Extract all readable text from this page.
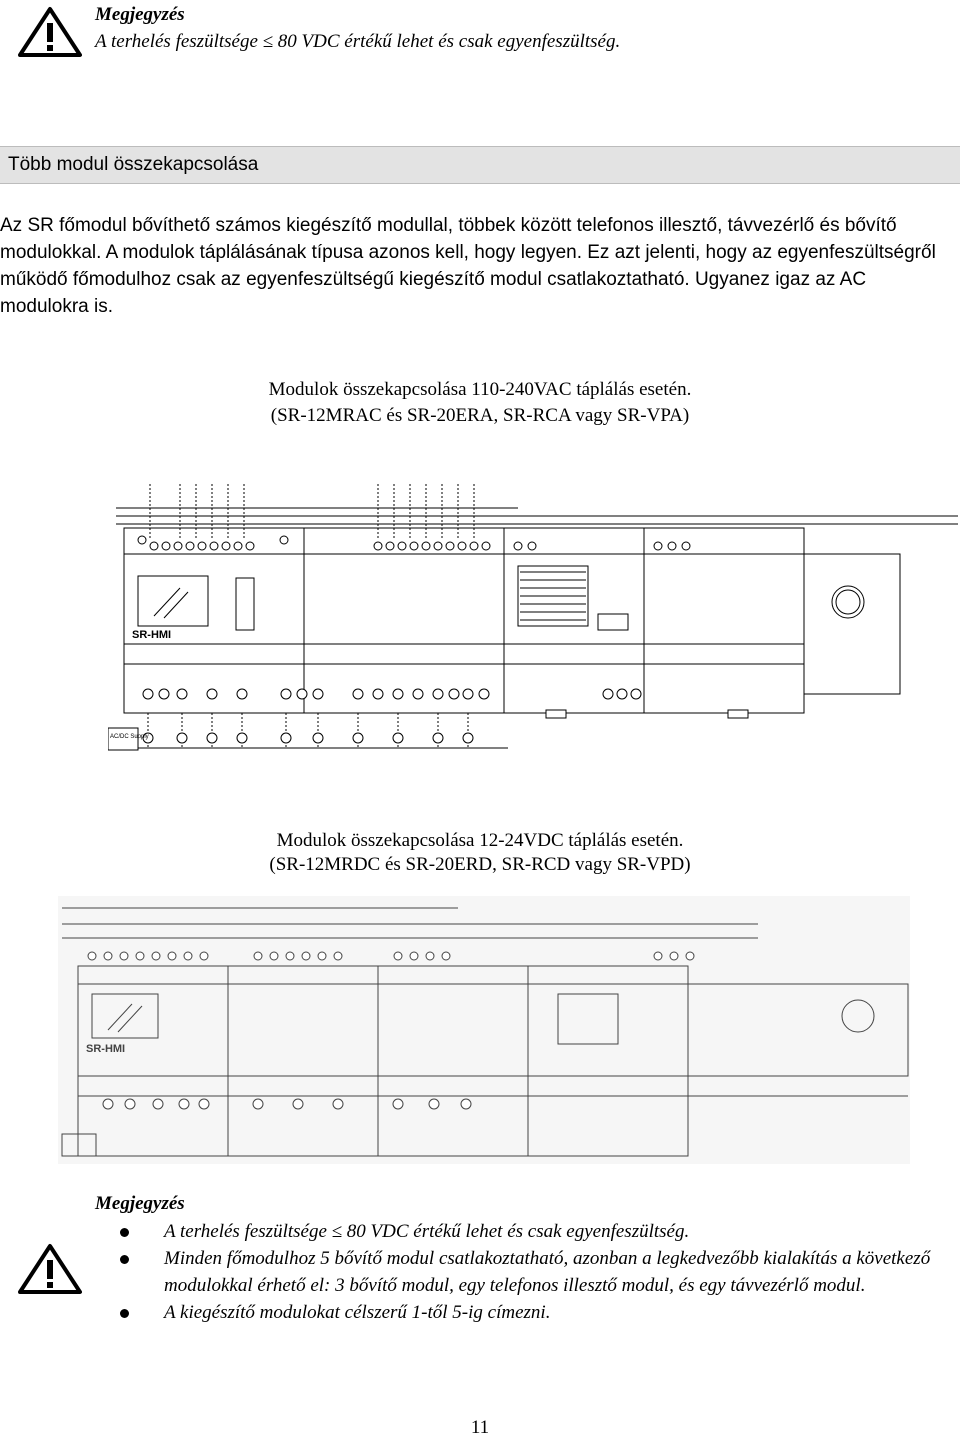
Megjegyzés
A terhelés feszültsége ≤ 80 VDC értékű lehet és csak egyenfeszültség.
Több modul összekapcsolása
Az SR főmodul bővíthető számos kiegészítő modullal, többek között telefonos illesztő, távvezérlő és bővítő modulokkal. A modulok táplálásának típusa azonos kell, hogy legyen. Ez azt jelenti, hogy az egyenfeszültségről működő főmodulhoz csak az egyenfeszültségű kiegészítő modul csatlakoztatható. Ugyanez igaz az AC modulokra is.
Modulok összekapcsolása 110-240VAC táplálás esetén.
(SR-12MRAC és SR-20ERA, SR-RCA vagy SR-VPA)
SR-HMI
AC/DC Supply
Modulok összekapcsolása 12-24VDC táplálás esetén.
(SR-12MRDC és SR-20ERD, SR-RCD vagy SR-VPD)
SR-HMI
Megjegyzés
A terhelés feszültsége ≤ 80 VDC értékű lehet és csak egyenfeszültség.
Minden főmodulhoz 5 bővítő modul csatlakoztatható, azonban a legkedvezőbb kialakítás a következő modulokkal érhető el: 3 bővítő modul, egy telefonos illesztő modul, és egy távvezérlő modul.
A kiegészítő modulokat célszerű 1-től 5-ig címezni.
11
